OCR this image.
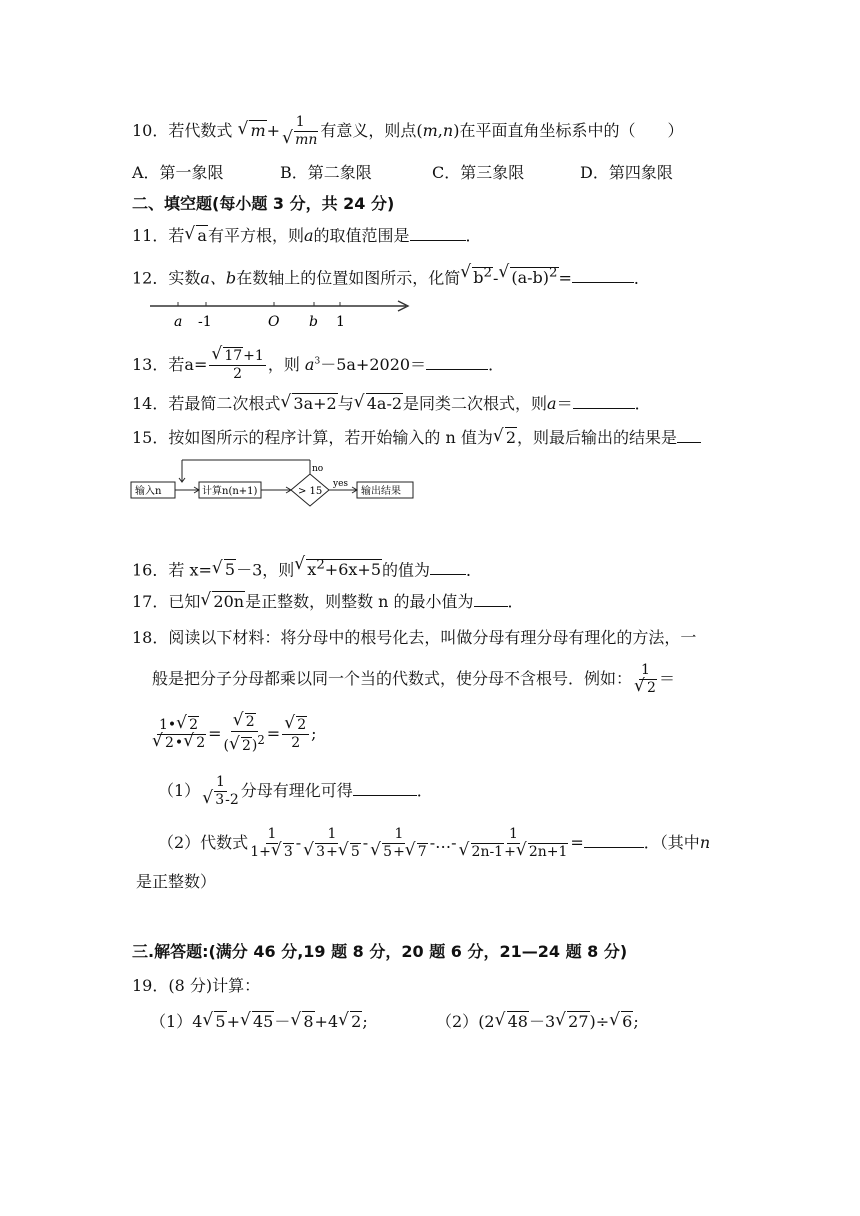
10．若代数式 √ m+ 1
√ mn 有意义，则点(m,n)在平面直角坐标系中的（　　）
A．第一象限	B．第二象限	C．第三象限	D．第四象限
二、填空题(每小题 3 分，共 24 分)
11．若√ a有平方根，则a的取值范围是	．
12．实数a、b在数轴上的位置如图所示，化简√ $b^2-√$ $(a-b)^2=$	．
a -1	O b 1
13．若a=
√ $\frac{17+1}{2}$ ，则 $a^3-5a+2020=$	．
14．若最简二次根式√ 3a+2与√ 4a-2是同类二次根式，则a＝	．
15．按如图所示的程序计算，若开始输入的 n 值为√ 2，则最后输出的结果是
输入n	计算n(n+1)	> 15
no
yes
输出结果
16．若 x=√ 5－3，则√ $x^2+6x+5$的值为 ．
17．已知√ 20n是正整数，则整数 n 的最小值为 ．
18．阅读以下材料：将分母中的根号化去，叫做分母有理分母有理化的方法，一
般是把分子分母都乘以同一个当的代数式，使分母不含根号．例如： 1
√ 2 ＝
1•√ 2
√ 2•√ 2 =
√ $\frac{2}{(√ 2)^2}$ =
√ $\frac{2}{2}$ ;
（1） 1
√ 3-2 分母有理化可得	．
（2）代数式 $\frac{1}{1+√ 3} - 1$
√ 3+√ 5 - 1
√ 5+√ 7 -…- 1
√ 2n-1+√ 2n+1 =	．（其中n
是正整数）
三.解答题:(满分 46 分,19 题 8 分，20 题 6 分，21—24 题 8 分)
19．(8 分)计算：
（1）4√ 5+√ 45－√ 8+4√ 2;	（2）(2√ 48－3√ 27)÷√ 6;
